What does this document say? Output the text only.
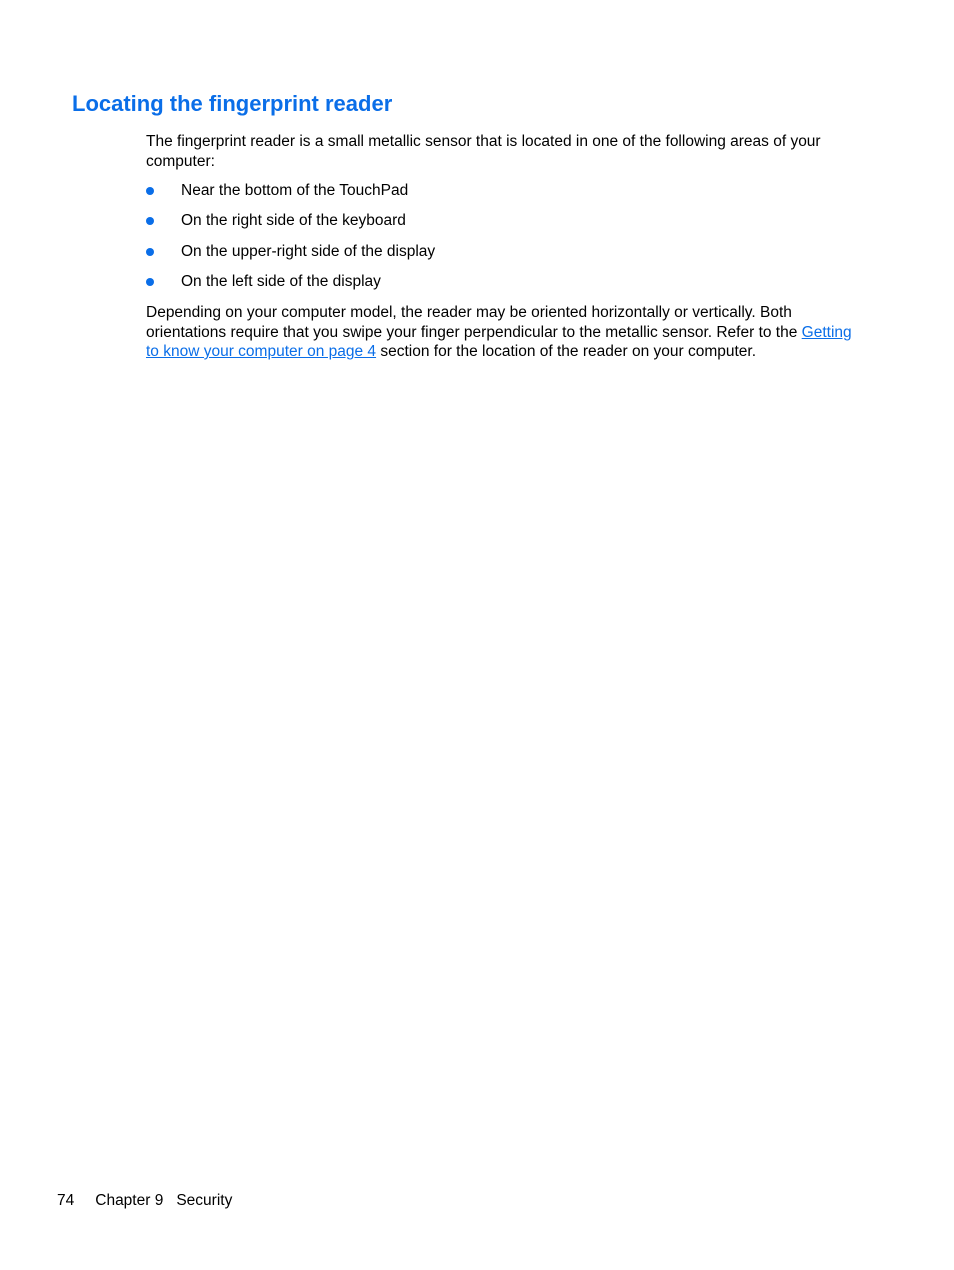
Locating the fingerprint reader

The fingerprint reader is a small metallic sensor that is located in one of the following areas of your computer:

Near the bottom of the TouchPad
On the right side of the keyboard
On the upper-right side of the display
On the left side of the display

Depending on your computer model, the reader may be oriented horizontally or vertically. Both orientations require that you swipe your finger perpendicular to the metallic sensor. Refer to the Getting to know your computer on page 4 section for the location of the reader on your computer.

74 Chapter 9 Security
